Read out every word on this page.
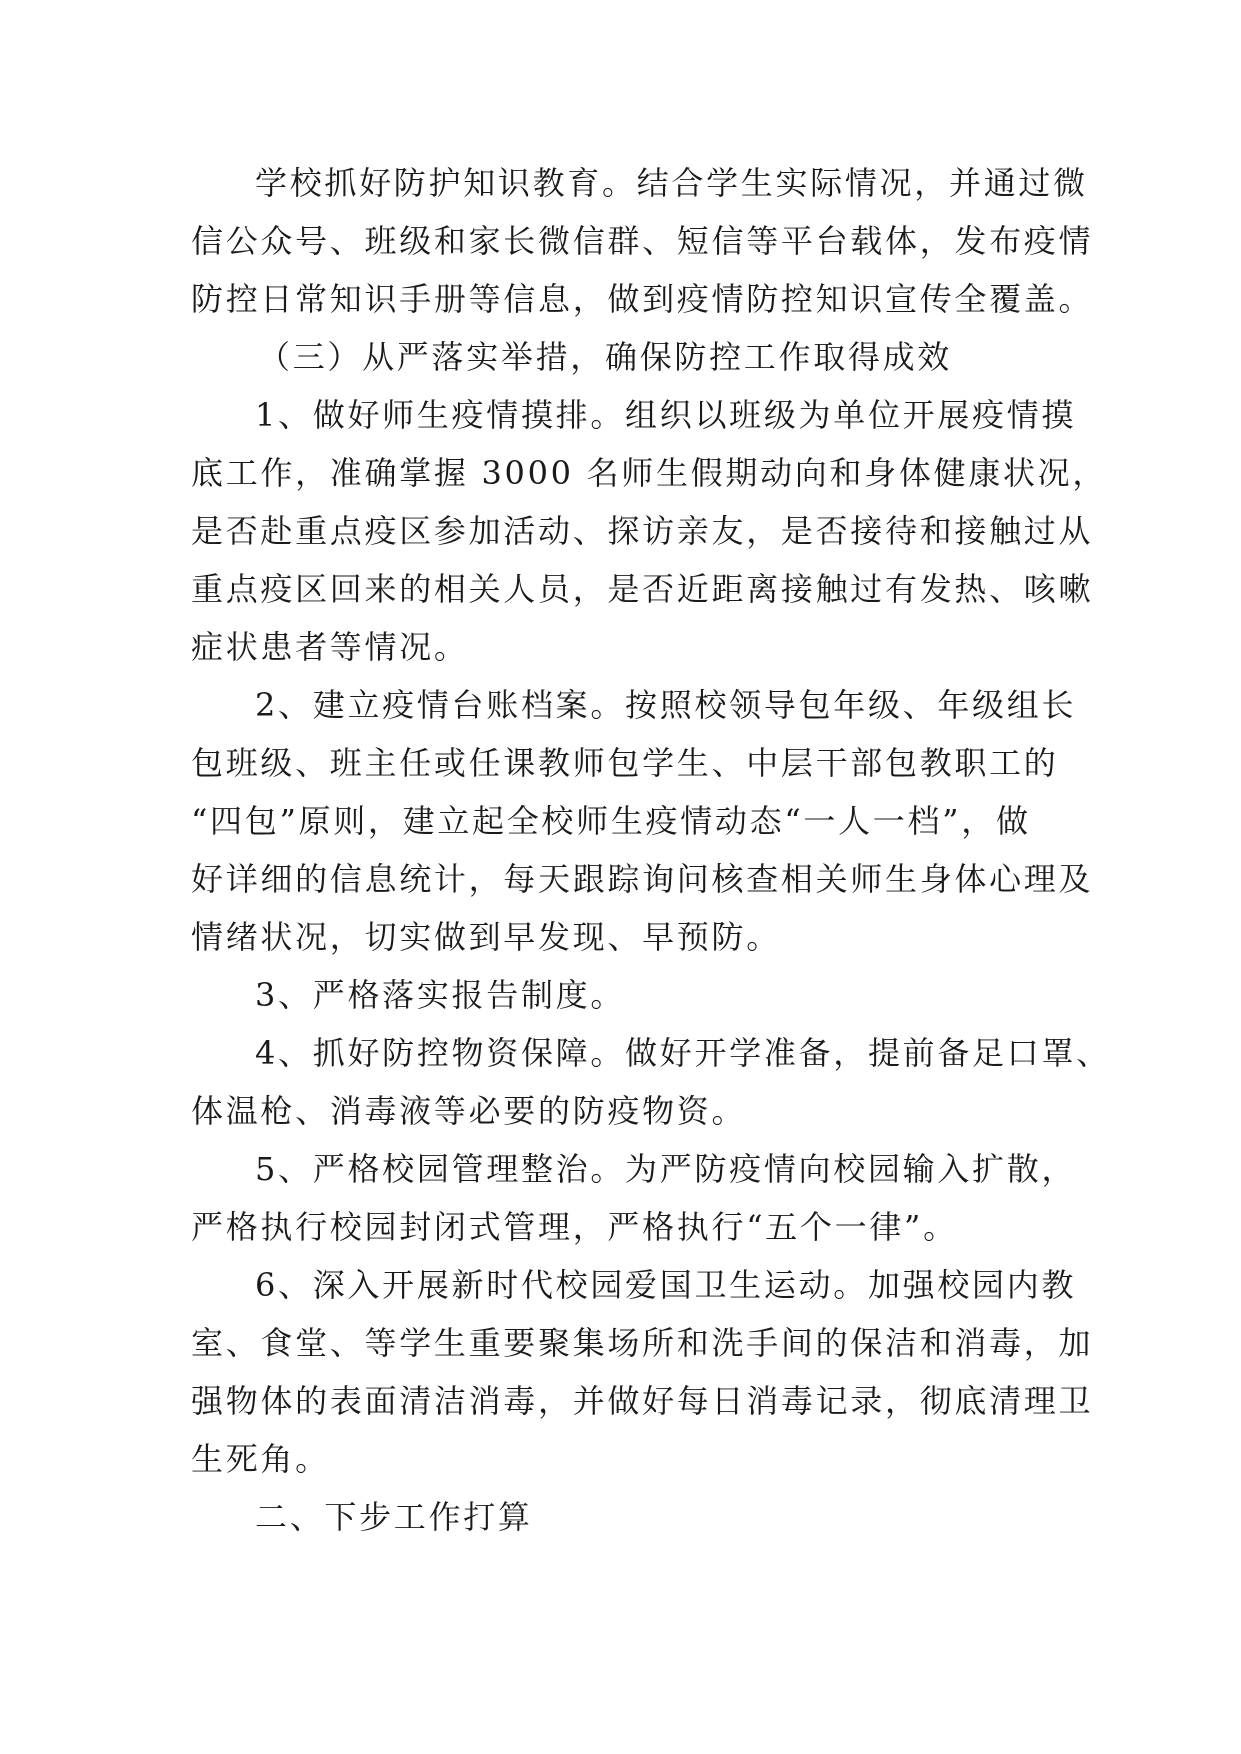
学校抓好防护知识教育。结合学生实际情况，并通过微
信公众号、班级和家长微信群、短信等平台载体，发布疫情
防控日常知识手册等信息，做到疫情防控知识宣传全覆盖。
（三）从严落实举措，确保防控工作取得成效
1、做好师生疫情摸排。组织以班级为单位开展疫情摸
底工作，准确掌握 3000 名师生假期动向和身体健康状况，
是否赴重点疫区参加活动、探访亲友，是否接待和接触过从
重点疫区回来的相关人员，是否近距离接触过有发热、咳嗽
症状患者等情况。
2、建立疫情台账档案。按照校领导包年级、年级组长
包班级、班主任或任课教师包学生、中层干部包教职工的
“四包”原则，建立起全校师生疫情动态“一人一档”，做
好详细的信息统计，每天跟踪询问核查相关师生身体心理及
情绪状况，切实做到早发现、早预防。
3、严格落实报告制度。
4、抓好防控物资保障。做好开学准备，提前备足口罩、
体温枪、消毒液等必要的防疫物资。
5、严格校园管理整治。为严防疫情向校园输入扩散，
严格执行校园封闭式管理，严格执行“五个一律”。
6、深入开展新时代校园爱国卫生运动。加强校园内教
室、食堂、等学生重要聚集场所和洗手间的保洁和消毒，加
强物体的表面清洁消毒，并做好每日消毒记录，彻底清理卫
生死角。
二、下步工作打算
